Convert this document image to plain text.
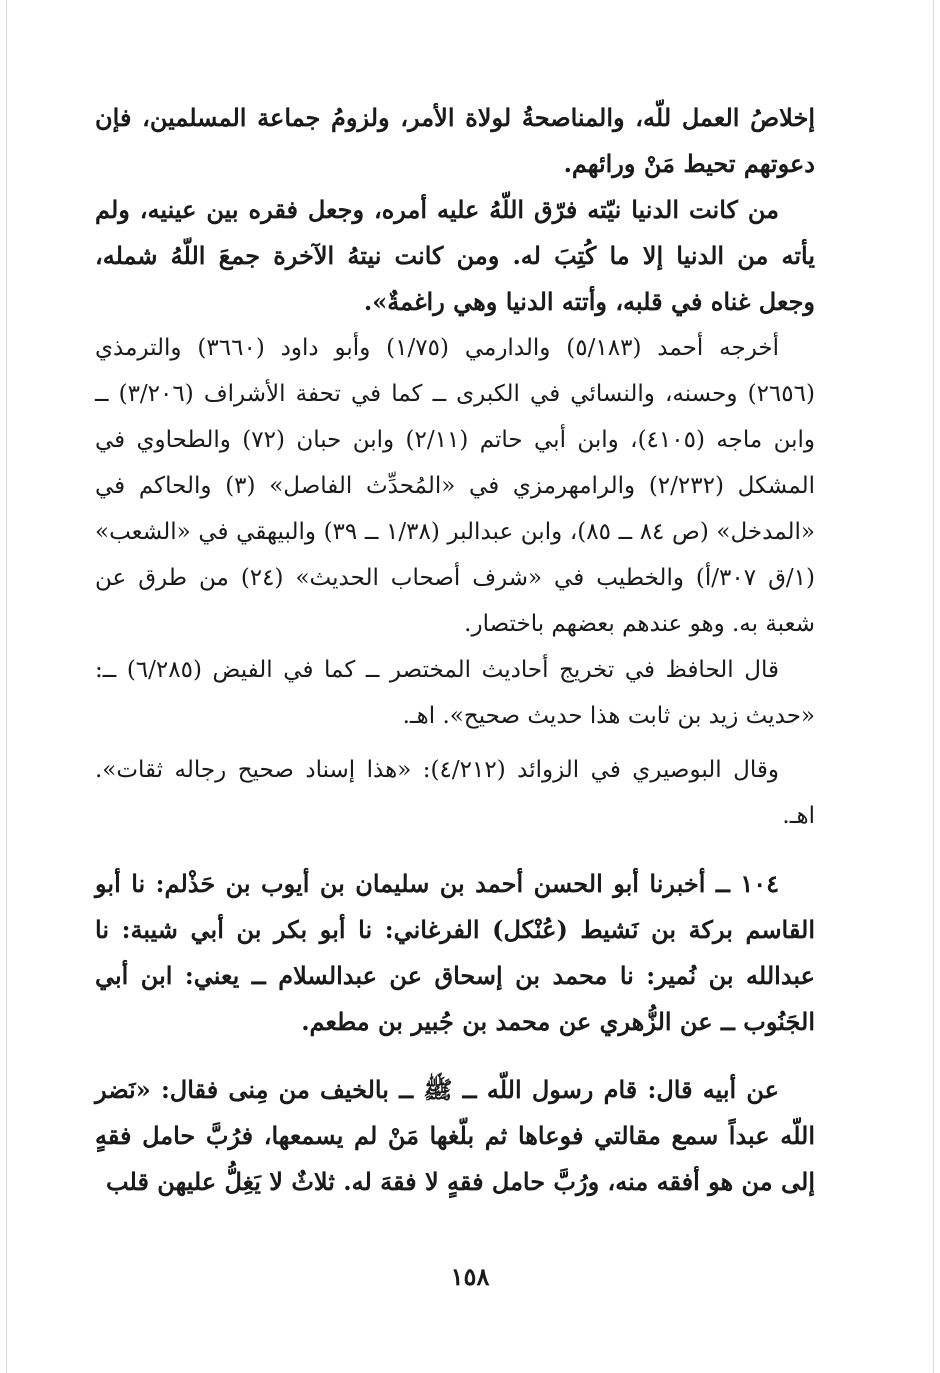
إخلاصُ العمل للّه، والمناصحةُ لولاة الأمر، ولزومُ جماعة المسلمين، فإن دعوتهم تحيط مَنْ ورائهم.

من كانت الدنيا نيّته فرّق اللّهُ عليه أمره، وجعل فقره بين عينيه، ولم يأته من الدنيا إلا ما كُتِبَ له. ومن كانت نيتهُ الآخرة جمعَ اللّهُ شمله، وجعل غناه في قلبه، وأتته الدنيا وهي راغمةٌ».

أخرجه أحمد (٥/١٨٣) والدارمي (١/٧٥) وأبو داود (٣٦٦٠) والترمذي (٢٦٥٦) وحسنه، والنسائي في الكبرى ــ كما في تحفة الأشراف (٣/٢٠٦) ــ وابن ماجه (٤١٠٥)، وابن أبي حاتم (٢/١١) وابن حبان (٧٢) والطحاوي في المشكل (٢/٢٣٢) والرامهرمزي في «المُحدِّث الفاصل» (٣) والحاكم في «المدخل» (ص ٨٤ ــ ٨٥)، وابن عبدالبر (١/٣٨ ــ ٣٩) والبيهقي في «الشعب» (١/ق ٣٠٧/أ) والخطيب في «شرف أصحاب الحديث» (٢٤) من طرق عن شعبة به. وهو عندهم بعضهم باختصار.

قال الحافظ في تخريج أحاديث المختصر ــ كما في الفيض (٦/٢٨٥) ــ: «حديث زيد بن ثابت هذا حديث صحيح». اهـ.

وقال البوصيري في الزوائد (٤/٢١٢): «هذا إسناد صحيح رجاله ثقات». اهـ.

١٠٤ ــ أخبرنا أبو الحسن أحمد بن سليمان بن أيوب بن حَذْلم: نا أبو القاسم بركة بن نَشيط (عُنْكل) الفرغاني: نا أبو بكر بن أبي شيبة: نا عبدالله بن نُمير: نا محمد بن إسحاق عن عبدالسلام ــ يعني: ابن أبي الجَنُوب ــ عن الزُّهري عن محمد بن جُبير بن مطعم.

عن أبيه قال: قام رسول اللّه ــ ﷺ ــ بالخيف من مِنى فقال: «نَضر اللّه عبداً سمع مقالتي فوعاها ثم بلّغها مَنْ لم يسمعها، فرُبَّ حامل فقهٍ إلى من هو أفقه منه، ورُبَّ حامل فقهٍ لا فقهَ له. ثلاثٌ لا يَغِلُّ عليهن قلب

١٥٨
